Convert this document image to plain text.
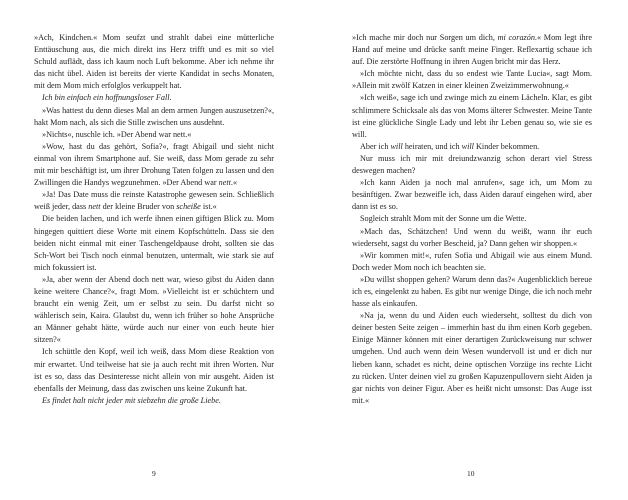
»Ach, Kindchen.« Mom seufzt und strahlt dabei eine mütterliche Enttäuschung aus, die mich direkt ins Herz trifft und es mit so viel Schuld auflädt, dass ich kaum noch Luft bekomme. Aber ich nehme ihr das nicht übel. Aiden ist bereits der vierte Kandidat in sechs Monaten, mit dem Mom mich erfolglos verkuppelt hat.

Ich bin einfach ein hoffnungsloser Fall.

»Was hattest du denn dieses Mal an dem armen Jungen auszusetzen?«, hakt Mom nach, als sich die Stille zwischen uns ausdehnt.

»Nichts«, nuschle ich. »Der Abend war nett.«

»Wow, hast du das gehört, Sofia?«, fragt Abigail und sieht nicht einmal von ihrem Smartphone auf. Sie weiß, dass Mom gerade zu sehr mit mir beschäftigt ist, um ihrer Drohung Taten folgen zu lassen und den Zwillingen die Handys wegzunehmen. »Der Abend war nett.«

»Ja! Das Date muss die reinste Katastrophe gewesen sein. Schließlich weiß jeder, dass nett der kleine Bruder von scheiße ist.«

Die beiden lachen, und ich werfe ihnen einen giftigen Blick zu. Mom hingegen quittiert diese Worte mit einem Kopfschütteln. Dass sie den beiden nicht einmal mit einer Taschengeldpause droht, sollten sie das Sch-Wort bei Tisch noch einmal benutzen, untermalt, wie stark sie auf mich fokussiert ist.

»Ja, aber wenn der Abend doch nett war, wieso gibst du Aiden dann keine weitere Chance?«, fragt Mom. »Vielleicht ist er schüchtern und braucht ein wenig Zeit, um er selbst zu sein. Du darfst nicht so wählerisch sein, Kaira. Glaubst du, wenn ich früher so hohe Ansprüche an Männer gehabt hätte, würde auch nur einer von euch heute hier sitzen?«

Ich schüttle den Kopf, weil ich weiß, dass Mom diese Reaktion von mir erwartet. Und teilweise hat sie ja auch recht mit ihren Worten. Nur ist es so, dass das Desinteresse nicht allein von mir ausgeht. Aiden ist ebenfalls der Meinung, dass das zwischen uns keine Zukunft hat.

Es findet halt nicht jeder mit siebzehn die große Liebe.

9

»Ich mache mir doch nur Sorgen um dich, mi corazón.« Mom legt ihre Hand auf meine und drücke sanft meine Finger. Reflexartig schaue ich auf. Die zerstörte Hoffnung in ihren Augen bricht mir das Herz.

»Ich möchte nicht, dass du so endest wie Tante Lucia«, sagt Mom. »Allein mit zwölf Katzen in einer kleinen Zweizimmerwohnung.«

»Ich weiß«, sage ich und zwinge mich zu einem Lächeln. Klar, es gibt schlimmere Schicksale als das von Moms älterer Schwester. Meine Tante ist eine glückliche Single Lady und lebt ihr Leben genau so, wie sie es will.

Aber ich will heiraten, und ich will Kinder bekommen.

Nur muss ich mir mit dreiundzwanzig schon derart viel Stress deswegen machen?

»Ich kann Aiden ja noch mal anrufen«, sage ich, um Mom zu besänftigen. Zwar bezweifle ich, dass Aiden darauf eingehen wird, aber dann ist es so.

Sogleich strahlt Mom mit der Sonne um die Wette.

»Mach das, Schätzchen! Und wenn du weißt, wann ihr euch wiederseht, sagst du vorher Bescheid, ja? Dann gehen wir shoppen.«

»Wir kommen mit!«, rufen Sofia und Abigail wie aus einem Mund. Doch weder Mom noch ich beachten sie.

»Du willst shoppen gehen? Warum denn das?« Augenblicklich bereue ich es, eingelenkt zu haben. Es gibt nur wenige Dinge, die ich noch mehr hasse als einkaufen.

»Na ja, wenn du und Aiden euch wiederseht, solltest du dich von deiner besten Seite zeigen – immerhin hast du ihm einen Korb gegeben. Einige Männer können mit einer derartigen Zurückweisung nur schwer umgehen. Und auch wenn dein Wesen wundervoll ist und er dich nur lieben kann, schadet es nicht, deine optischen Vorzüge ins rechte Licht zu rücken. Unter deinen viel zu großen Kapuzenpullovern sieht Aiden ja gar nichts von deiner Figur. Aber es heißt nicht umsonst: Das Auge isst mit.«

10
